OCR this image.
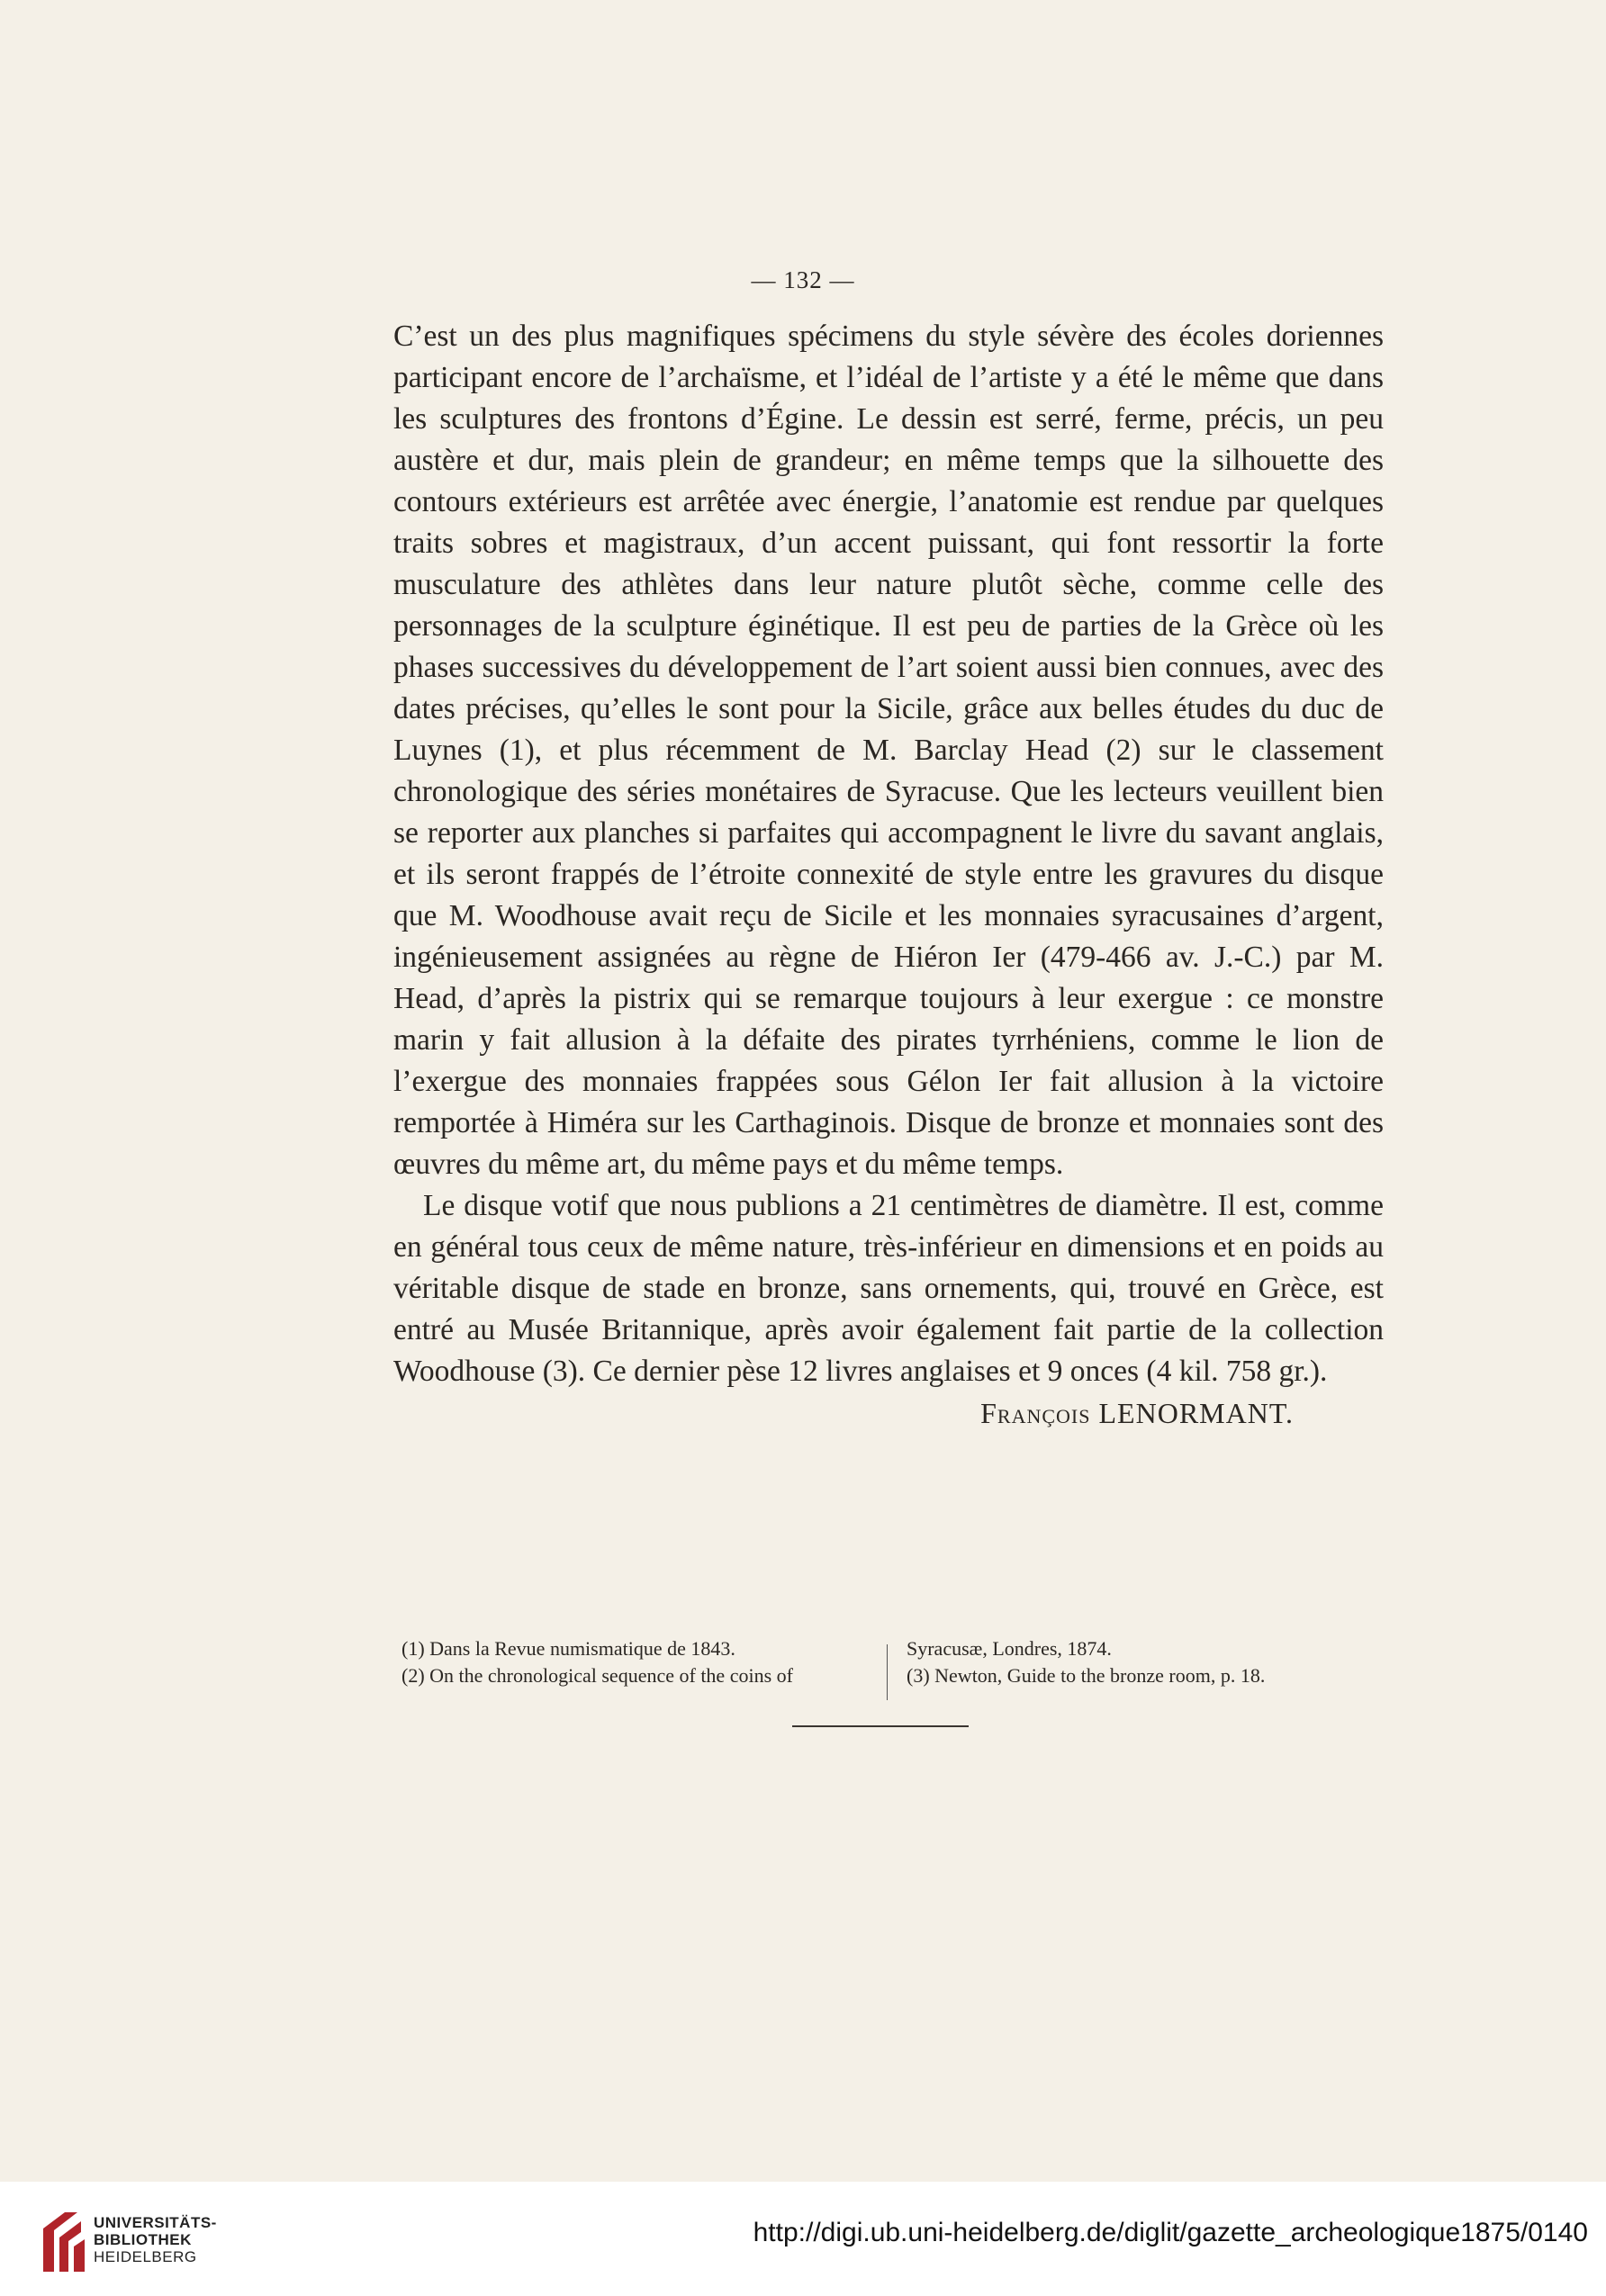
— 132 —

C’est un des plus magnifiques spécimens du style sévère des écoles doriennes participant encore de l’archaïsme, et l’idéal de l’artiste y a été le même que dans les sculptures des frontons d’Égine. Le dessin est serré, ferme, précis, un peu austère et dur, mais plein de grandeur; en même temps que la silhouette des contours extérieurs est arrêtée avec énergie, l’anatomie est rendue par quelques traits sobres et magistraux, d’un accent puissant, qui font ressortir la forte musculature des athlètes dans leur nature plutôt sèche, comme celle des personnages de la sculpture éginétique. Il est peu de parties de la Grèce où les phases successives du développement de l’art soient aussi bien connues, avec des dates précises, qu’elles le sont pour la Sicile, grâce aux belles études du duc de Luynes (1), et plus récemment de M. Barclay Head (2) sur le classement chronologique des séries monétaires de Syracuse. Que les lecteurs veuillent bien se reporter aux planches si parfaites qui accompagnent le livre du savant anglais, et ils seront frappés de l’étroite connexité de style entre les gravures du disque que M. Woodhouse avait reçu de Sicile et les monnaies syracusaines d’argent, ingénieusement assignées au règne de Hiéron Ier (479-466 av. J.-C.) par M. Head, d’après la pistrix qui se remarque toujours à leur exergue : ce monstre marin y fait allusion à la défaite des pirates tyrrhéniens, comme le lion de l’exergue des monnaies frappées sous Gélon Ier fait allusion à la victoire remportée à Himéra sur les Carthaginois. Disque de bronze et monnaies sont des œuvres du même art, du même pays et du même temps.

Le disque votif que nous publions a 21 centimètres de diamètre. Il est, comme en général tous ceux de même nature, très-inférieur en dimensions et en poids au véritable disque de stade en bronze, sans ornements, qui, trouvé en Grèce, est entré au Musée Britannique, après avoir également fait partie de la collection Woodhouse (3). Ce dernier pèse 12 livres anglaises et 9 onces (4 kil. 758 gr.).

François LENORMANT.

(1) Dans la Revue numismatique de 1843.
(2) On the chronological sequence of the coins of
Syracusæ, Londres, 1874.
(3) Newton, Guide to the bronze room, p. 18.
UNIVERSITÄTS-
BIBLIOTHEK
HEIDELBERG
http://digi.ub.uni-heidelberg.de/diglit/gazette_archeologique1875/0140
